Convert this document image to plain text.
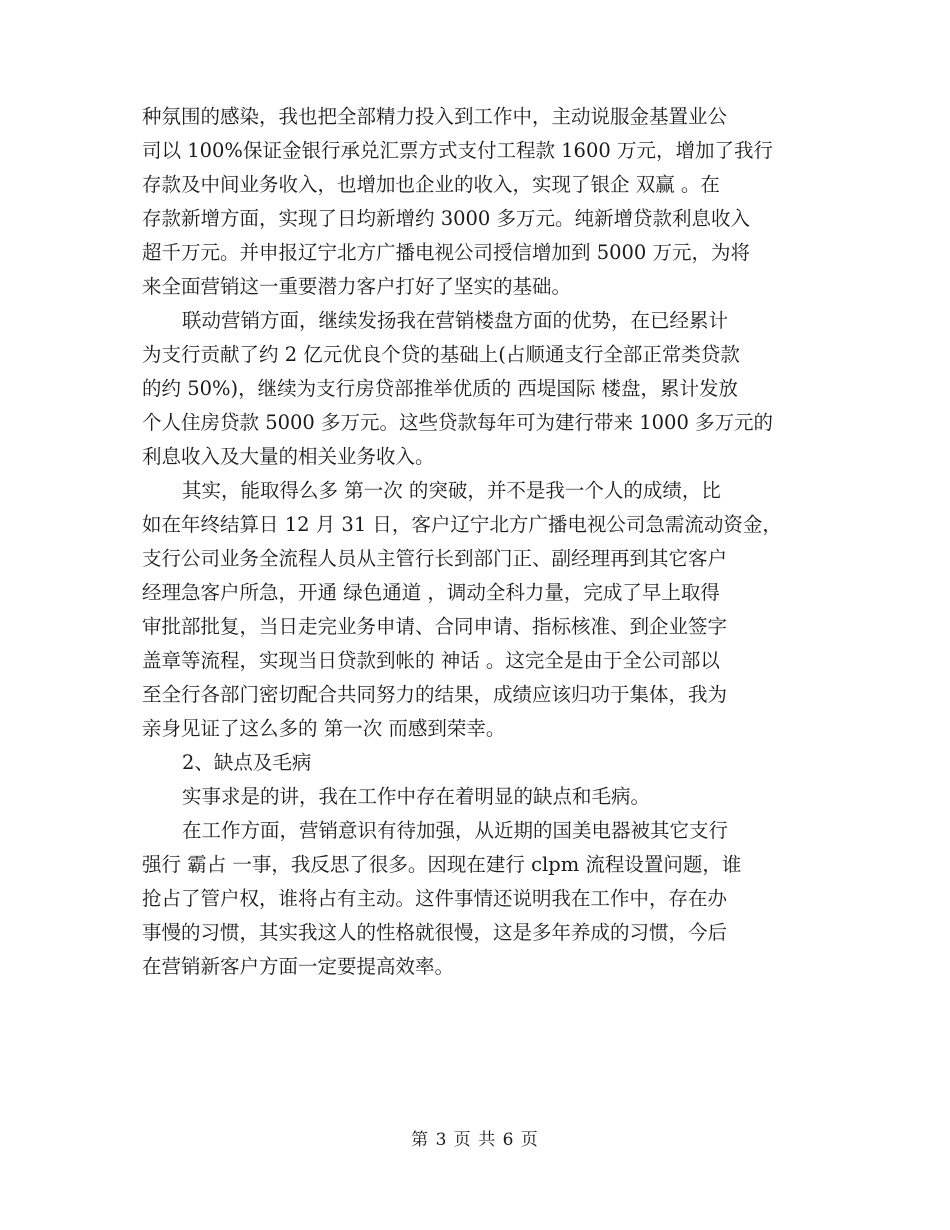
种氛围的感染，我也把全部精力投入到工作中，主动说服金基置业公
司以 100%保证金银行承兑汇票方式支付工程款 1600 万元，增加了我行
存款及中间业务收入，也增加也企业的收入，实现了银企 双赢 。在
存款新增方面，实现了日均新增约 3000 多万元。纯新增贷款利息收入
超千万元。并申报辽宁北方广播电视公司授信增加到 5000 万元，为将
来全面营销这一重要潜力客户打好了坚实的基础。
联动营销方面，继续发扬我在营销楼盘方面的优势，在已经累计
为支行贡献了约 2 亿元优良个贷的基础上(占顺通支行全部正常类贷款
的约 50%)，继续为支行房贷部推举优质的 西堤国际 楼盘，累计发放
个人住房贷款 5000 多万元。这些贷款每年可为建行带来 1000 多万元的
利息收入及大量的相关业务收入。
其实，能取得么多 第一次 的突破，并不是我一个人的成绩，比
如在年终结算日 12 月 31 日，客户辽宁北方广播电视公司急需流动资金，
支行公司业务全流程人员从主管行长到部门正、副经理再到其它客户
经理急客户所急，开通 绿色通道 ，调动全科力量，完成了早上取得
审批部批复，当日走完业务申请、合同申请、指标核准、到企业签字
盖章等流程，实现当日贷款到帐的 神话 。这完全是由于全公司部以
至全行各部门密切配合共同努力的结果，成绩应该归功于集体，我为
亲身见证了这么多的 第一次 而感到荣幸。
2、缺点及毛病
实事求是的讲，我在工作中存在着明显的缺点和毛病。
在工作方面，营销意识有待加强，从近期的国美电器被其它支行
强行 霸占 一事，我反思了很多。因现在建行 clpm 流程设置问题，谁
抢占了管户权，谁将占有主动。这件事情还说明我在工作中，存在办
事慢的习惯，其实我这人的性格就很慢，这是多年养成的习惯，今后
在营销新客户方面一定要提高效率。
第 3 页 共 6 页
